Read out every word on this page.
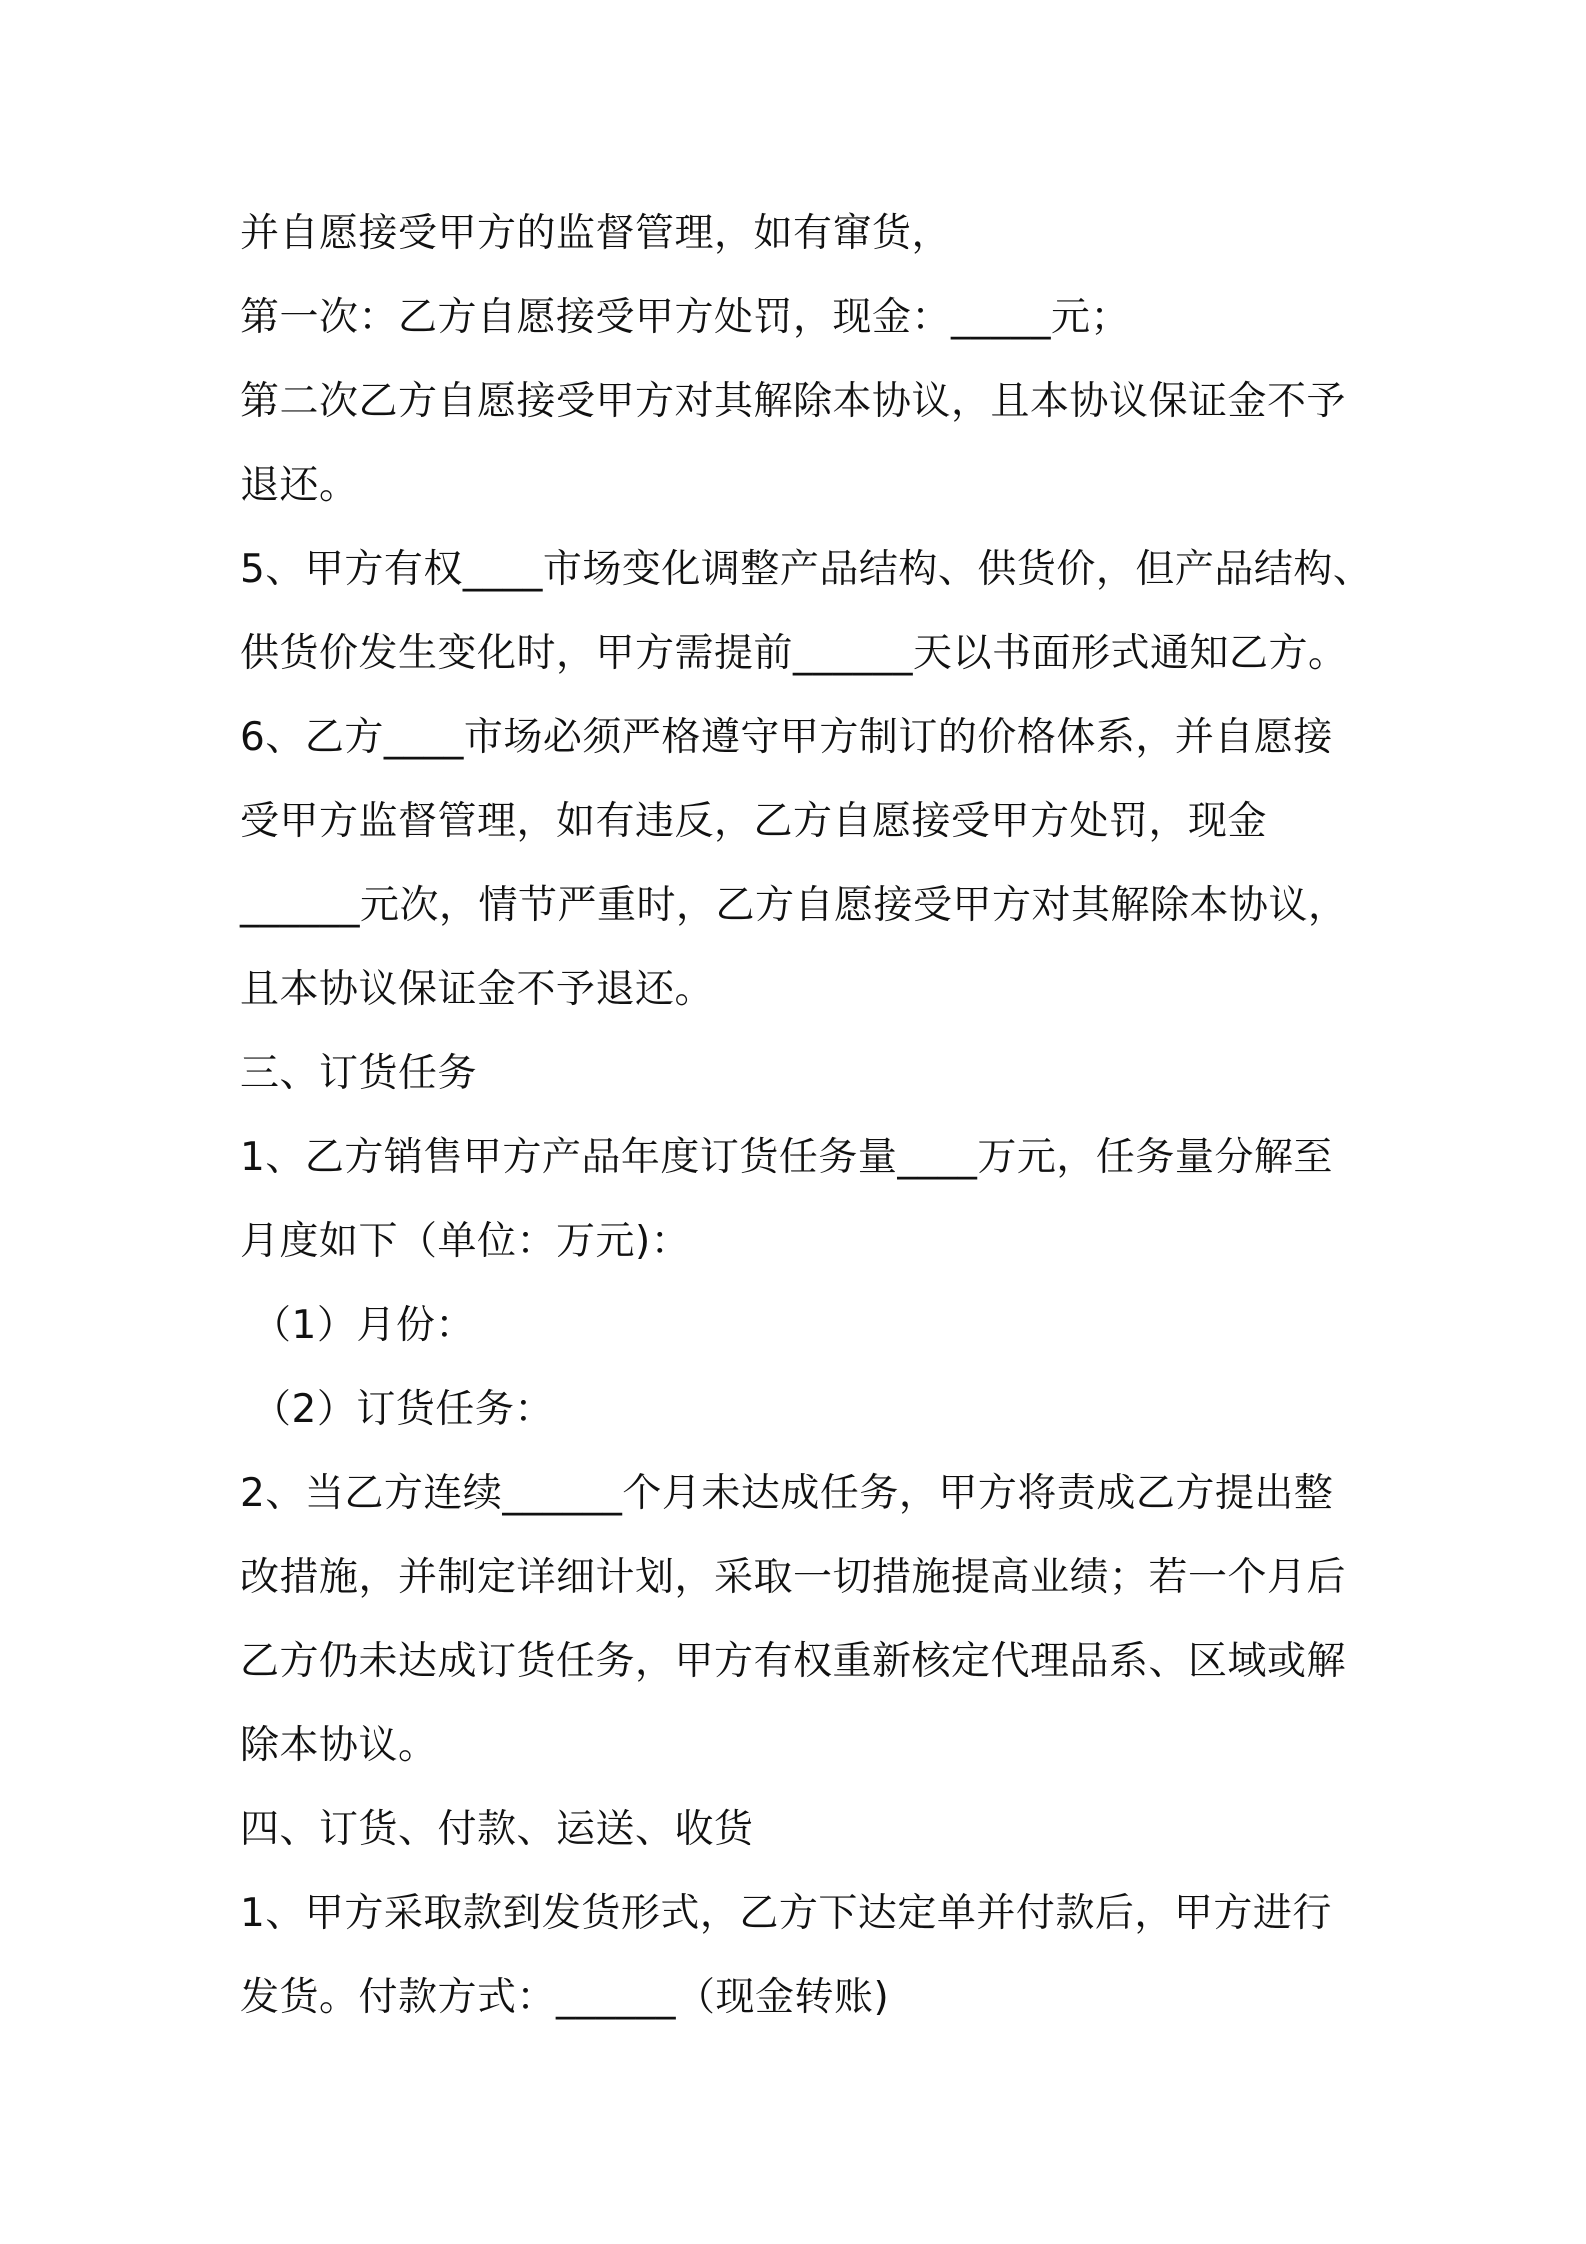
并自愿接受甲方的监督管理，如有窜货，
第一次：乙方自愿接受甲方处罚，现金：_____元；
第二次乙方自愿接受甲方对其解除本协议，且本协议保证金不予
退还。
5、甲方有权____市场变化调整产品结构、供货价，但产品结构、
供货价发生变化时，甲方需提前______天以书面形式通知乙方。
6、乙方____市场必须严格遵守甲方制订的价格体系，并自愿接
受甲方监督管理，如有违反，乙方自愿接受甲方处罚，现金
______元次，情节严重时，乙方自愿接受甲方对其解除本协议，
且本协议保证金不予退还。
三、订货任务
1、乙方销售甲方产品年度订货任务量____万元，任务量分解至
月度如下（单位：万元)：
（1）月份：
（2）订货任务：
2、当乙方连续______个月未达成任务，甲方将责成乙方提出整
改措施，并制定详细计划，采取一切措施提高业绩；若一个月后
乙方仍未达成订货任务，甲方有权重新核定代理品系、区域或解
除本协议。
四、订货、付款、运送、收货
1、甲方采取款到发货形式，乙方下达定单并付款后，甲方进行
发货。付款方式：______（现金转账)
